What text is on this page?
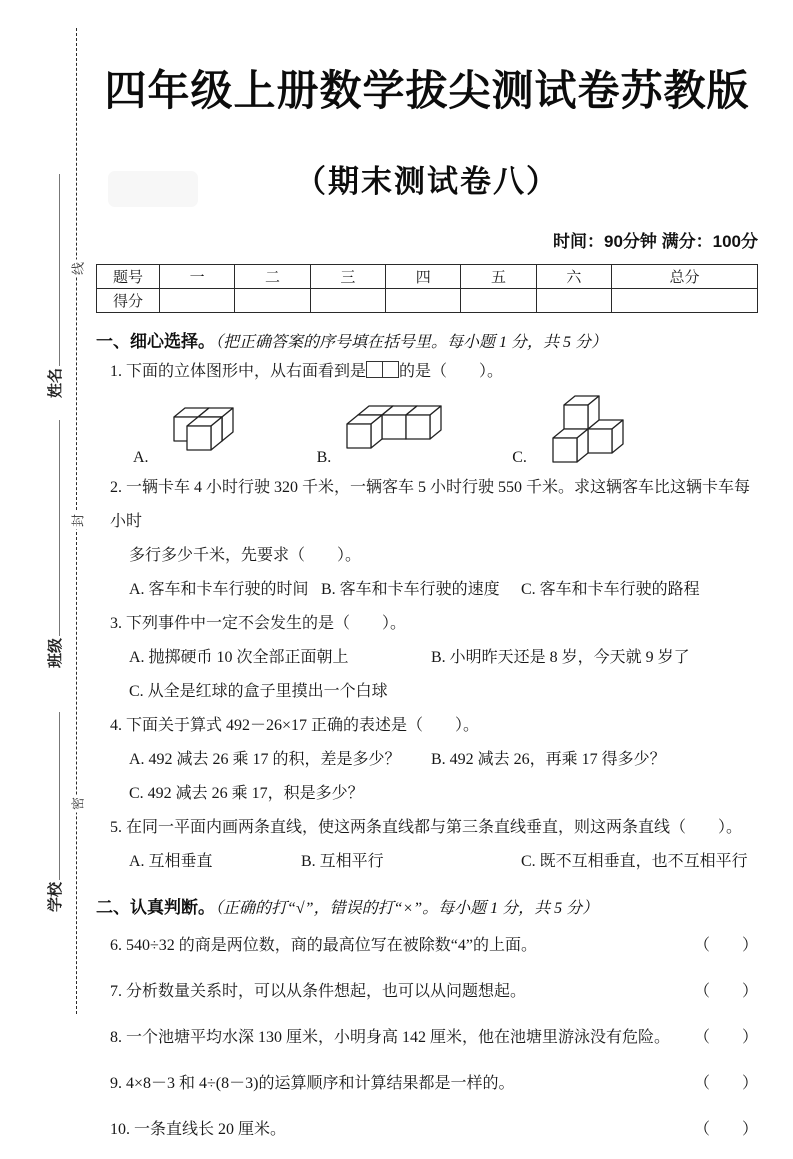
线
封
密
姓名
班级
学校
四年级上册数学拔尖测试卷苏教版
（期末测试卷八）
时间：90分钟 满分：100分
题号	一	二	三	四	五	六	总分
得分							
一、细心选择。（把正确答案的序号填在括号里。每小题 1 分，共 5 分）
1. 下面的立体图形中，从右面看到是 的是（　　）。
A.	B.	C.
2. 一辆卡车 4 小时行驶 320 千米，一辆客车 5 小时行驶 550 千米。求这辆客车比这辆卡车每小时
多行多少千米，先要求（　　）。
A. 客车和卡车行驶的时间 B. 客车和卡车行驶的速度 C. 客车和卡车行驶的路程
3. 下列事件中一定不会发生的是（　　）。
A. 抛掷硬币 10 次全部正面朝上	B. 小明昨天还是 8 岁，今天就 9 岁了
C. 从全是红球的盒子里摸出一个白球
4. 下面关于算式 492－26×17 正确的表述是（　　）。
A. 492 减去 26 乘 17 的积，差是多少？ B. 492 减去 26，再乘 17 得多少？
C. 492 减去 26 乘 17，积是多少？
5. 在同一平面内画两条直线，使这两条直线都与第三条直线垂直，则这两条直线（　　）。
A. 互相垂直	B. 互相平行	C. 既不互相垂直，也不互相平行
二、认真判断。（正确的打“√”，错误的打“×”。每小题 1 分，共 5 分）
6. 540÷32 的商是两位数，商的最高位写在被除数“4”的上面。	（　　）
7. 分析数量关系时，可以从条件想起，也可以从问题想起。	（　　）
8. 一个池塘平均水深 130 厘米，小明身高 142 厘米，他在池塘里游泳没有危险。 （　　）
9. 4×8－3 和 4÷(8－3)的运算顺序和计算结果都是一样的。	（　　）
10. 一条直线长 20 厘米。	（　　）
